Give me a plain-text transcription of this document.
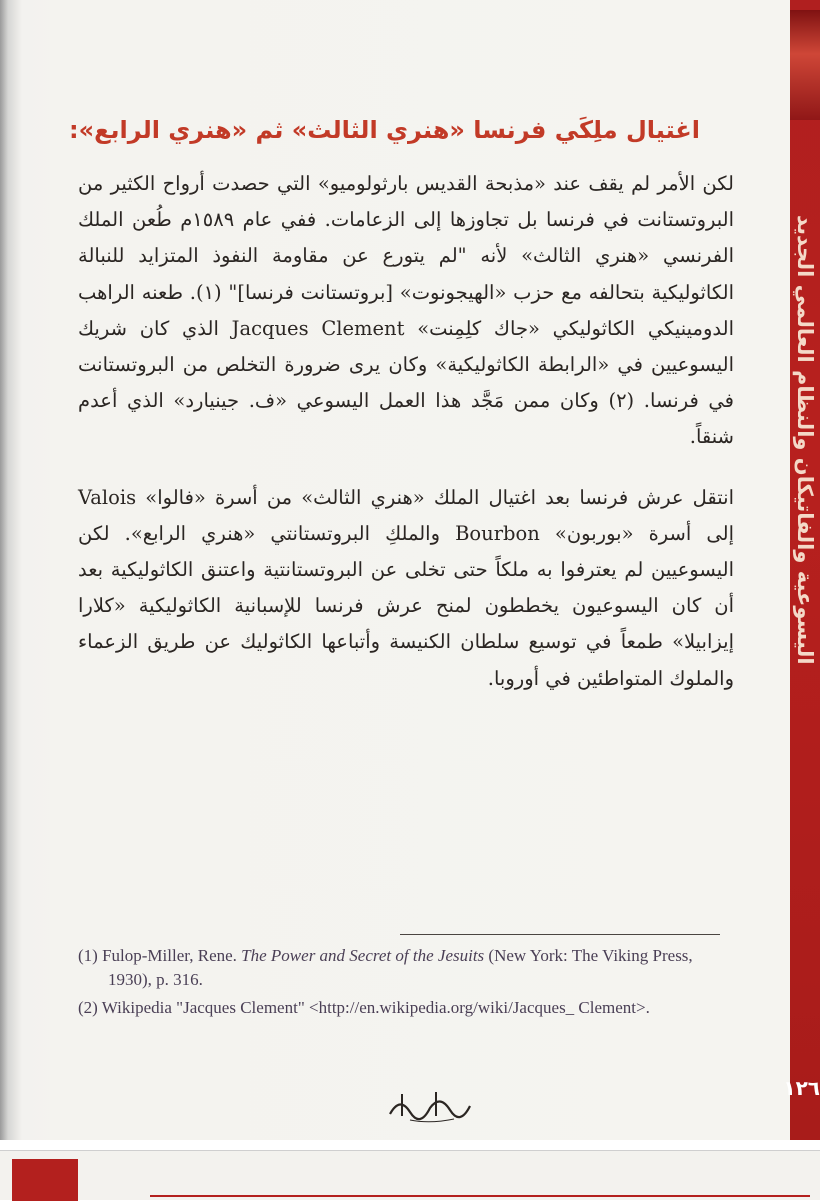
اليسوعية والفاتيكان والنظام العالمي الجديد
١٢٦
اغتيال ملِكَي فرنسا «هنري الثالث» ثم «هنري الرابع»:

لكن الأمر لم يقف عند «مذبحة القديس بارثولوميو» التي حصدت أرواح الكثير من البروتستانت في فرنسا بل تجاوزها إلى الزعامات. ففي عام ١٥٨٩م طُعن الملك الفرنسي «هنري الثالث» لأنه "لم يتورع عن مقاومة النفوذ المتزايد للنبالة الكاثوليكية بتحالفه مع حزب «الهيجونوت» [بروتستانت فرنسا]" (١). طعنه الراهب الدومينيكي الكاثوليكي «جاك كلِمِنت» Jacques Clement الذي كان شريك اليسوعيين في «الرابطة الكاثوليكية» وكان يرى ضرورة التخلص من البروتستانت في فرنسا. (٢) وكان ممن مَجَّد هذا العمل اليسوعي «ف. جينيارد» الذي أعدم شنقاً.

انتقل عرش فرنسا بعد اغتيال الملك «هنري الثالث» من أسرة «فالوا» Valois إلى أسرة «بوربون» Bourbon والملكِ البروتستانتي «هنري الرابع». لكن اليسوعيين لم يعترفوا به ملكاً حتى تخلى عن البروتستانتية واعتنق الكاثوليكية بعد أن كان اليسوعيون يخططون لمنح عرش فرنسا للإسبانية الكاثوليكية «كلارا إيزابيلا» طمعاً في توسيع سلطان الكنيسة وأتباعها الكاثوليك عن طريق الزعماء والملوك المتواطئين في أوروبا.

(1) Fulop-Miller, Rene. The Power and Secret of the Jesuits (New York: The Viking Press, 1930), p. 316.
(2) Wikipedia "Jacques Clement" <http://en.wikipedia.org/wiki/Jacques_ Clement>.
